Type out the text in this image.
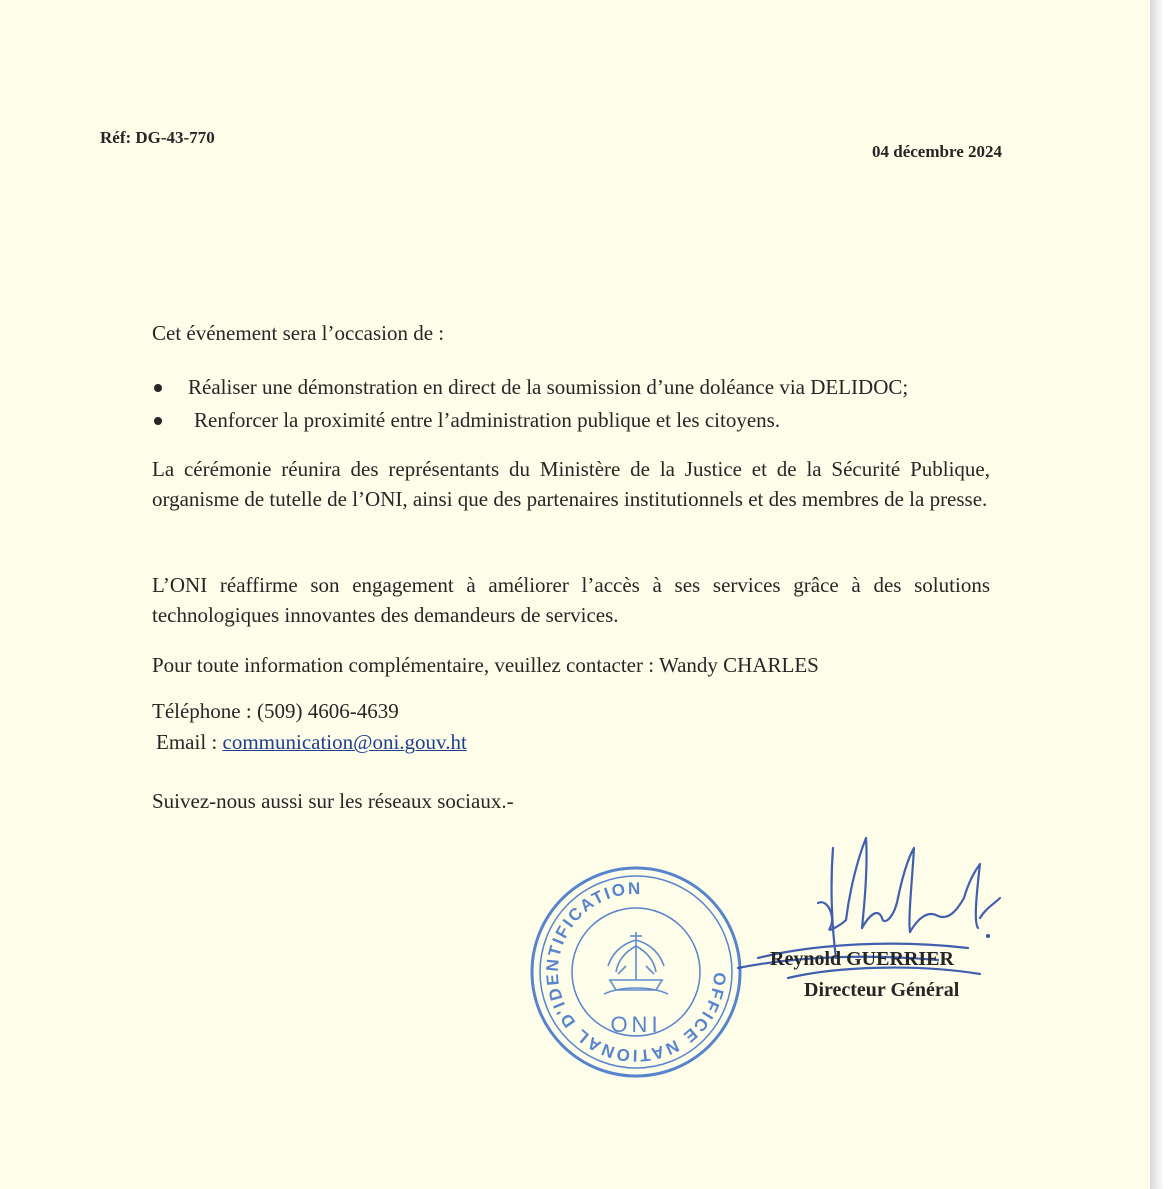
Réf: DG-43-770
04 décembre 2024

Cet événement sera l’occasion de :

Réaliser une démonstration en direct de la soumission d’une doléance via DELIDOC;
Renforcer la proximité entre l’administration publique et les citoyens.

La cérémonie réunira des représentants du Ministère de la Justice et de la Sécurité Publique, organisme de tutelle de l’ONI, ainsi que des partenaires institutionnels et des membres de la presse.

L’ONI réaffirme son engagement à améliorer l’accès à ses services grâce à des solutions technologiques innovantes des demandeurs de services.

Pour toute information complémentaire, veuillez contacter : Wandy CHARLES

Téléphone : (509) 4606-4639

Email : communication@oni.gouv.ht

Suivez-nous aussi sur les réseaux sociaux.-

OFFICE NATIONAL D'IDENTIFICATION
ONI
Reynold GUERRIER
Directeur Général
